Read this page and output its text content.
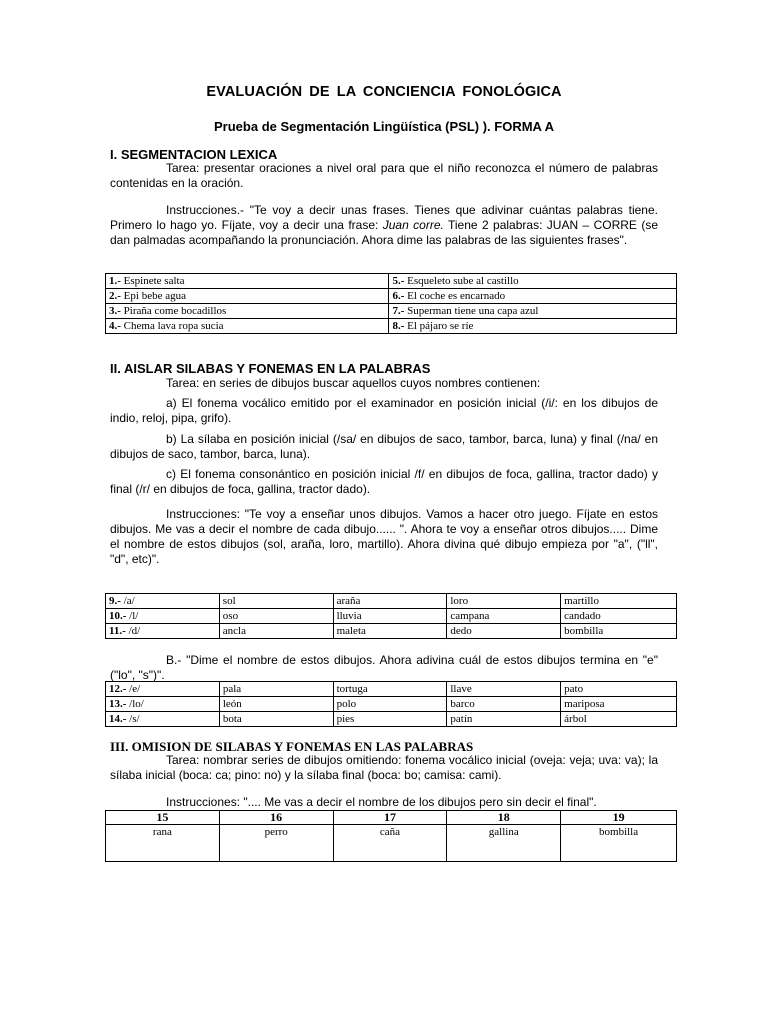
EVALUACIÓN DE LA CONCIENCIA FONOLÓGICA
Prueba de Segmentación Lingüística (PSL) ). FORMA A
I. SEGMENTACION LEXICA
Tarea: presentar oraciones a nivel oral para que el niño reconozca el número de palabras contenidas en la oración.
Instrucciones.- "Te voy a decir unas frases. Tienes que adivinar cuántas palabras tiene. Primero lo hago yo. Fíjate, voy a decir una frase: Juan corre. Tiene 2 palabras: JUAN – CORRE (se dan palmadas acompañando la pronunciación. Ahora dime las palabras de las siguientes frases".
1.- Espinete salta	5.- Esqueleto sube al castillo
2.- Epi bebe agua	6.- El coche es encarnado
3.- Piraña come bocadillos	7.- Superman tiene una capa azul
4.- Chema lava ropa sucia	8.- El pájaro se ríe
II. AISLAR SILABAS Y FONEMAS EN LA PALABRAS
Tarea: en series de dibujos buscar aquellos cuyos nombres contienen:
a) El fonema vocálico emitido por el examinador en posición inicial (/i/: en los dibujos de indio, reloj, pipa, grifo).
b) La sílaba en posición inicial (/sa/ en dibujos de saco, tambor, barca, luna) y final (/na/ en dibujos de saco, tambor, barca, luna).
c) El fonema consonántico en posición inicial /f/ en dibujos de foca, gallina, tractor dado) y final (/r/ en dibujos de foca, gallina, tractor dado).
Instrucciones: "Te voy a enseñar unos dibujos. Vamos a hacer otro juego. Fíjate en estos dibujos. Me vas a decir el nombre de cada dibujo...... ". Ahora te voy a enseñar otros dibujos..... Dime el nombre de estos dibujos (sol, araña, loro, martillo). Ahora divina qué dibujo empieza por "a", ("ll", "d", etc)".
9.- /a/	sol	araña	loro	martillo
10.- /l/	oso	lluvia	campana	candado
11.- /d/	ancla	maleta	dedo	bombilla
B.- "Dime el nombre de estos dibujos. Ahora adivina cuál de estos dibujos termina en "e" ("lo", "s")".
12.- /e/	pala	tortuga	llave	pato
13.- /lo/	león	polo	barco	mariposa
14.- /s/	bota	pies	patín	árbol
III. OMISION DE SILABAS Y FONEMAS EN LAS PALABRAS
Tarea: nombrar series de dibujos omitiendo: fonema vocálico inicial (oveja: veja; uva: va); la sílaba inicial (boca: ca; pino: no) y la sílaba final (boca: bo; camisa: cami).
Instrucciones: ".... Me vas a decir el nombre de los dibujos pero sin decir el final".
15	16	17	18	19
rana	perro	caña	gallina	bombilla
